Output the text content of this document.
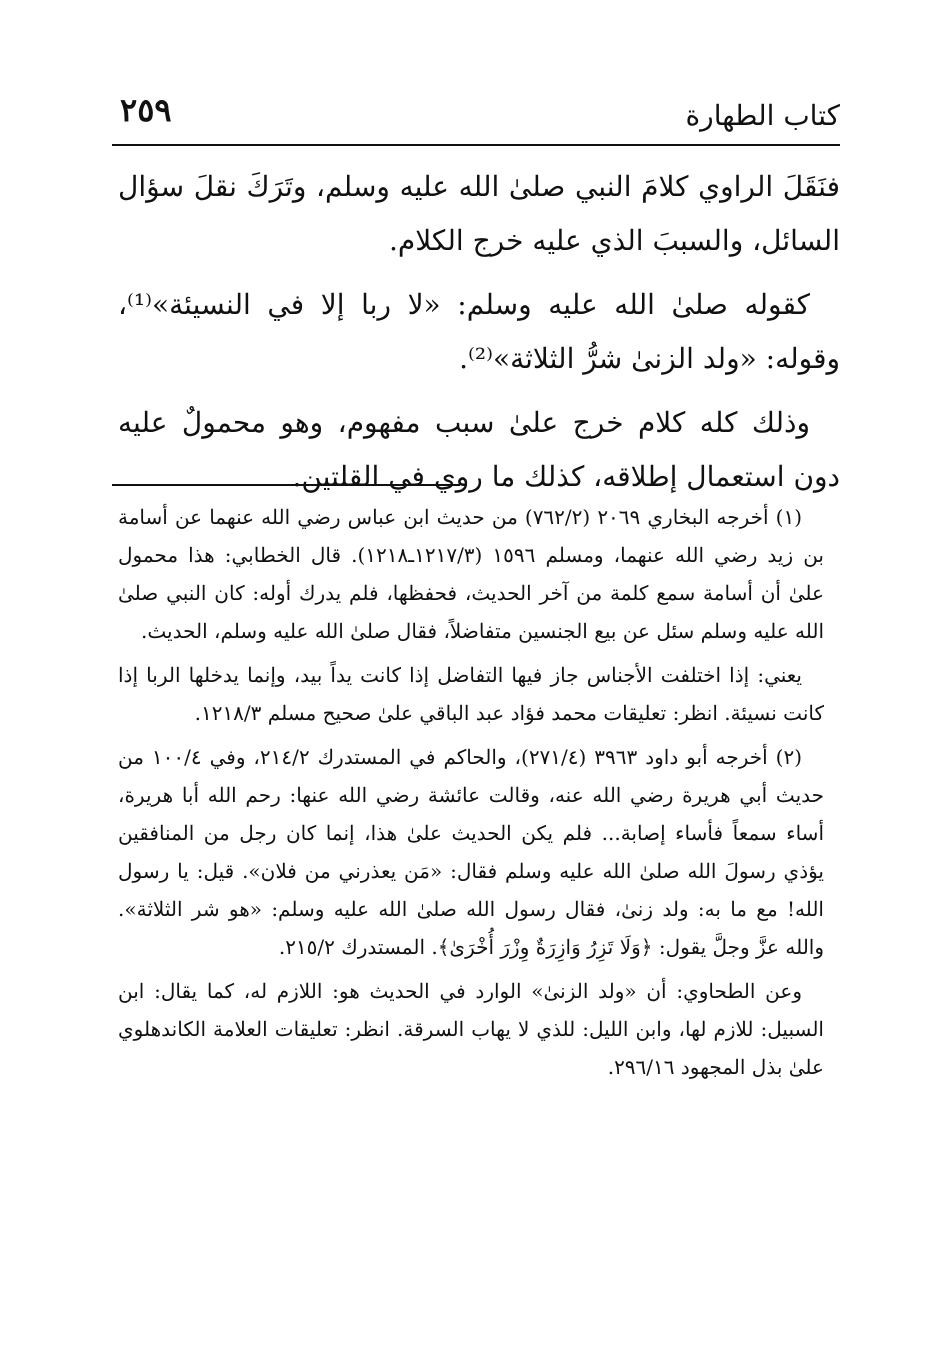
كتاب الطهارة
٢٥٩

فنَقَلَ الراوي كلامَ النبي صلىٰ الله عليه وسلم، وتَرَكَ نقلَ سؤال السائل، والسببَ الذي عليه خرج الكلام.

كقوله صلىٰ الله عليه وسلم: «لا ربا إلا في النسيئة»⁽¹⁾، وقوله: «ولد الزنىٰ شرُّ الثلاثة»⁽²⁾.

وذلك كله كلام خرج علىٰ سبب مفهوم، وهو محمولٌ عليه دون استعمال إطلاقه، كذلك ما روي في القلتين.

(١) أخرجه البخاري ٢٠٦٩ (٧٦٢/٢) من حديث ابن عباس رضي الله عنهما عن أسامة بن زيد رضي الله عنهما، ومسلم ١٥٩٦ (١٢١٧/٣ـ١٢١٨). قال الخطابي: هذا محمول علىٰ أن أسامة سمع كلمة من آخر الحديث، فحفظها، فلم يدرك أوله: كان النبي صلىٰ الله عليه وسلم سئل عن بيع الجنسين متفاضلاً، فقال صلىٰ الله عليه وسلم، الحديث.

يعني: إذا اختلفت الأجناس جاز فيها التفاضل إذا كانت يداً بيد، وإنما يدخلها الربا إذا كانت نسيئة. انظر: تعليقات محمد فؤاد عبد الباقي علىٰ صحيح مسلم ١٢١٨/٣.

(٢) أخرجه أبو داود ٣٩٦٣ (٢٧١/٤)، والحاكم في المستدرك ٢١٤/٢، وفي ١٠٠/٤ من حديث أبي هريرة رضي الله عنه، وقالت عائشة رضي الله عنها: رحم الله أبا هريرة، أساء سمعاً فأساء إصابة... فلم يكن الحديث علىٰ هذا، إنما كان رجل من المنافقين يؤذي رسولَ الله صلىٰ الله عليه وسلم فقال: «مَن يعذرني من فلان». قيل: يا رسول الله! مع ما به: ولد زنىٰ، فقال رسول الله صلىٰ الله عليه وسلم: «هو شر الثلاثة». والله عزَّ وجلَّ يقول: ﴿وَلَا تَزِرُ وَازِرَةٌ وِزْرَ أُخْرَىٰ﴾. المستدرك ٢١٥/٢.

وعن الطحاوي: أن «ولد الزنىٰ» الوارد في الحديث هو: اللازم له، كما يقال: ابن السبيل: للازم لها، وابن الليل: للذي لا يهاب السرقة. انظر: تعليقات العلامة الكاندهلوي علىٰ بذل المجهود ٢٩٦/١٦.
